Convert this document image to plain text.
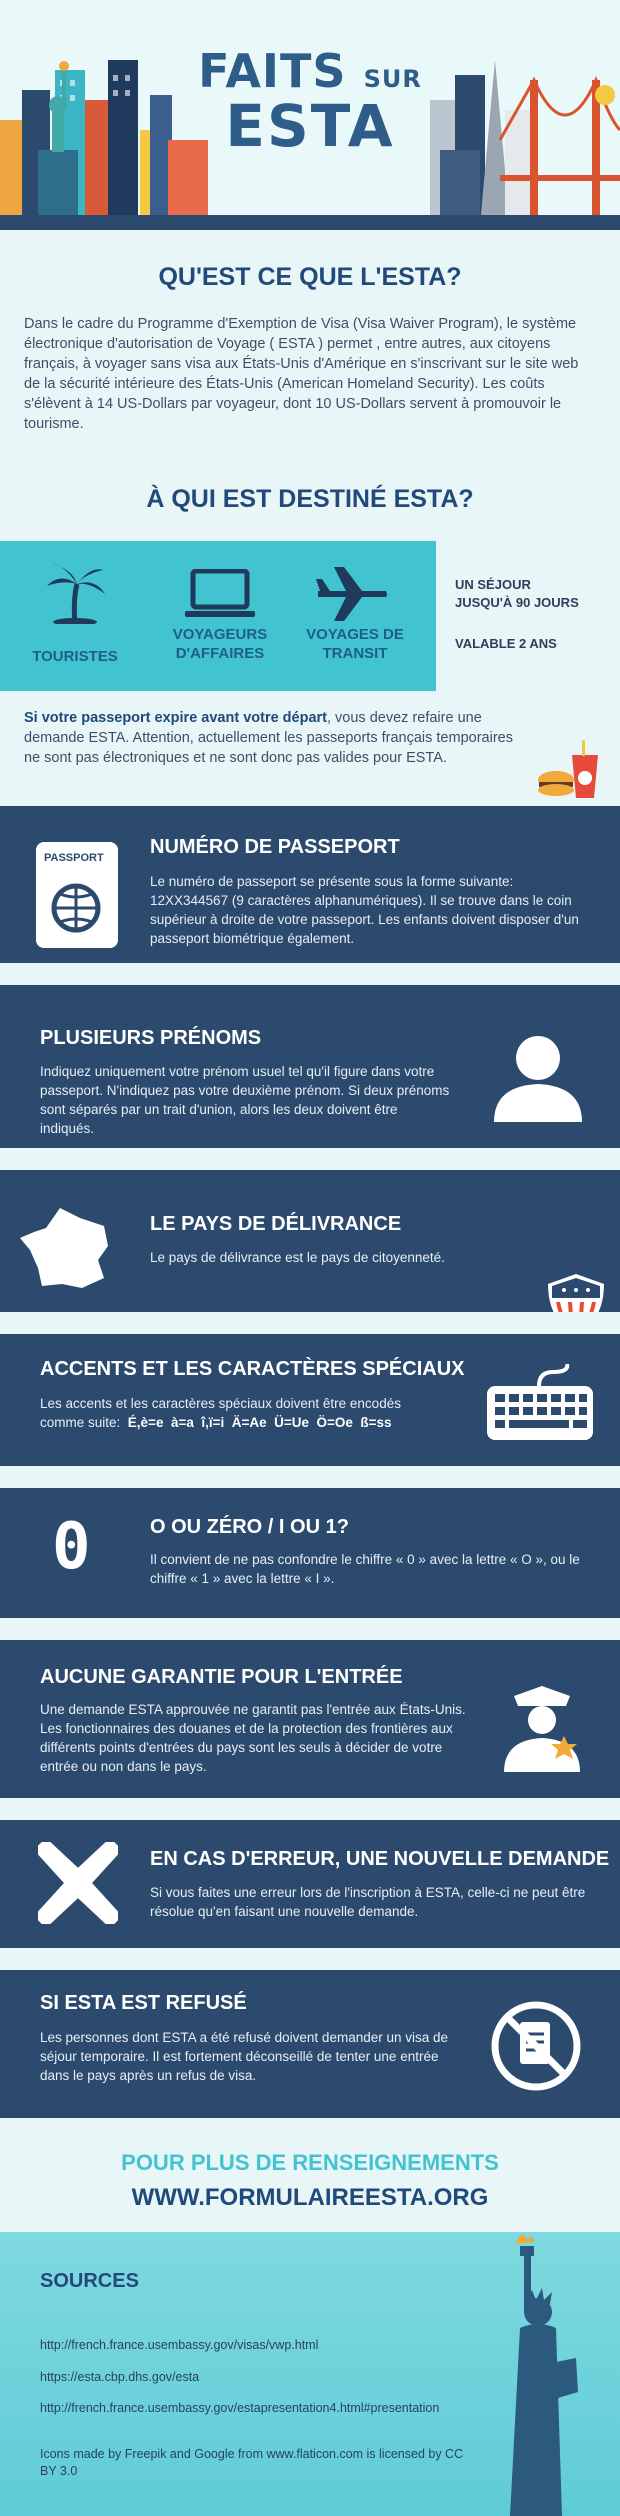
FAITS SUR
ESTA
QU'EST CE QUE L'ESTA?
Dans le cadre du Programme d'Exemption de Visa (Visa Waiver Program), le système électronique d'autorisation de Voyage ( ESTA ) permet , entre autres, aux citoyens français, à voyager sans visa aux États-Unis d'Amérique en s'inscrivant sur le site web de la sécurité intérieure des États-Unis (American Homeland Security). Les coûts s'élèvent à 14 US-Dollars par voyageur, dont 10 US-Dollars servent à promouvoir le tourisme.
À QUI EST DESTINÉ ESTA?
TOURISTES
VOYAGEURS
D'AFFAIRES
VOYAGES DE
TRANSIT
UN SÉJOUR
JUSQU'À 90 JOURS
VALABLE 2 ANS
Si votre passeport expire avant votre départ, vous devez refaire une demande ESTA. Attention, actuellement les passeports français temporaires ne sont pas électroniques et ne sont donc pas valides pour ESTA.
PASSPORT NUMÉRO DE PASSEPORT
Le numéro de passeport se présente sous la forme suivante: 12XX344567 (9 caractères alphanumériques). Il se trouve dans le coin supérieur à droite de votre passeport. Les enfants doivent disposer d'un passeport biométrique également.
PLUSIEURS PRÉNOMS
Indiquez uniquement votre prénom usuel tel qu'il figure dans votre passeport. N'indiquez pas votre deuxième prénom. Si deux prénoms sont séparés par un trait d'union, alors les deux doivent être indiqués.
LE PAYS DE DÉLIVRANCE
Le pays de délivrance est le pays de citoyenneté.
ACCENTS ET LES CARACTÈRES SPÉCIAUX
Les accents et les caractères spéciaux doivent être encodés
comme suite: É,è=e  à=a  î,ï=i  Ä=Ae  Ü=Ue  Ö=Oe  ß=ss
0	O OU ZÉRO / I OU 1?
Il convient de ne pas confondre le chiffre « 0 » avec la lettre « O », ou le chiffre « 1 » avec la lettre « I ».
AUCUNE GARANTIE POUR L'ENTRÉE
Une demande ESTA approuvée ne garantit pas l'entrée aux États-Unis. Les fonctionnaires des douanes et de la protection des frontières aux différents points d'entrées du pays sont les seuls à décider de votre entrée ou non dans le pays.
EN CAS D'ERREUR, UNE NOUVELLE DEMANDE
Si vous faites une erreur lors de l'inscription à ESTA, celle-ci ne peut être résolue qu'en faisant une nouvelle demande.
SI ESTA EST REFUSÉ
Les personnes dont ESTA a été refusé doivent demander un visa de séjour temporaire. Il est fortement déconseillé de tenter une entrée dans le pays après un refus de visa.
POUR PLUS DE RENSEIGNEMENTS
WWW.FORMULAIREESTA.ORG
SOURCES
http://french.france.usembassy.gov/visas/vwp.html
https://esta.cbp.dhs.gov/esta
http://french.france.usembassy.gov/estapresentation4.html#presentation
Icons made by Freepik and Google from www.flaticon.com is licensed by CC BY 3.0
